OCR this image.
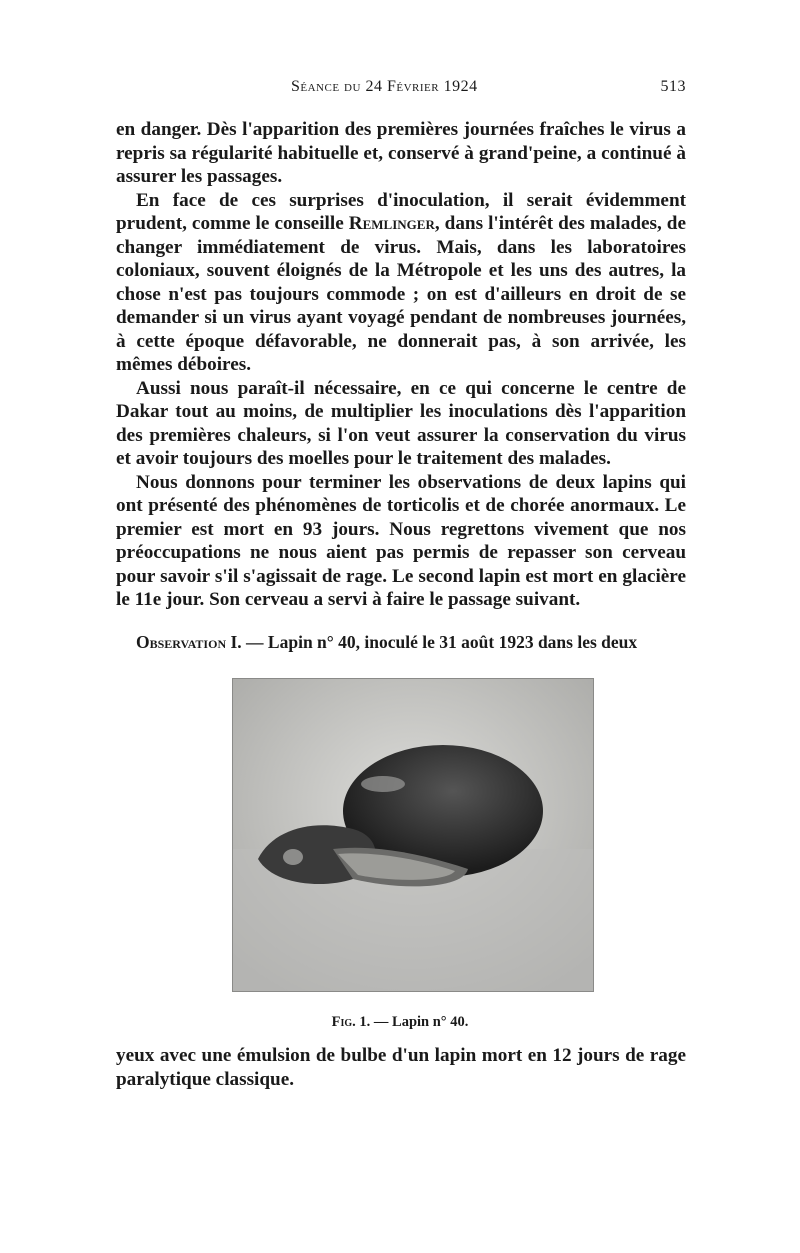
Séance du 24 Février 1924	513

en danger. Dès l'apparition des premières journées fraîches le virus a repris sa régularité habituelle et, conservé à grand'peine, a continué à assurer les passages.

En face de ces surprises d'inoculation, il serait évidemment prudent, comme le conseille Remlinger, dans l'intérêt des malades, de changer immédiatement de virus. Mais, dans les laboratoires coloniaux, souvent éloignés de la Métropole et les uns des autres, la chose n'est pas toujours commode ; on est d'ailleurs en droit de se demander si un virus ayant voyagé pendant de nombreuses journées, à cette époque défavorable, ne donnerait pas, à son arrivée, les mêmes déboires.

Aussi nous paraît-il nécessaire, en ce qui concerne le centre de Dakar tout au moins, de multiplier les inoculations dès l'apparition des premières chaleurs, si l'on veut assurer la conservation du virus et avoir toujours des moelles pour le traitement des malades.

Nous donnons pour terminer les observations de deux lapins qui ont présenté des phénomènes de torticolis et de chorée anormaux. Le premier est mort en 93 jours. Nous regrettons vivement que nos préoccupations ne nous aient pas permis de repasser son cerveau pour savoir s'il s'agissait de rage. Le second lapin est mort en glacière le 11e jour. Son cerveau a servi à faire le passage suivant.

Observation I. — Lapin n° 40, inoculé le 31 août 1923 dans les deux
Fig. 1. — Lapin n° 40.
yeux avec une émulsion de bulbe d'un lapin mort en 12 jours de rage paralytique classique.
